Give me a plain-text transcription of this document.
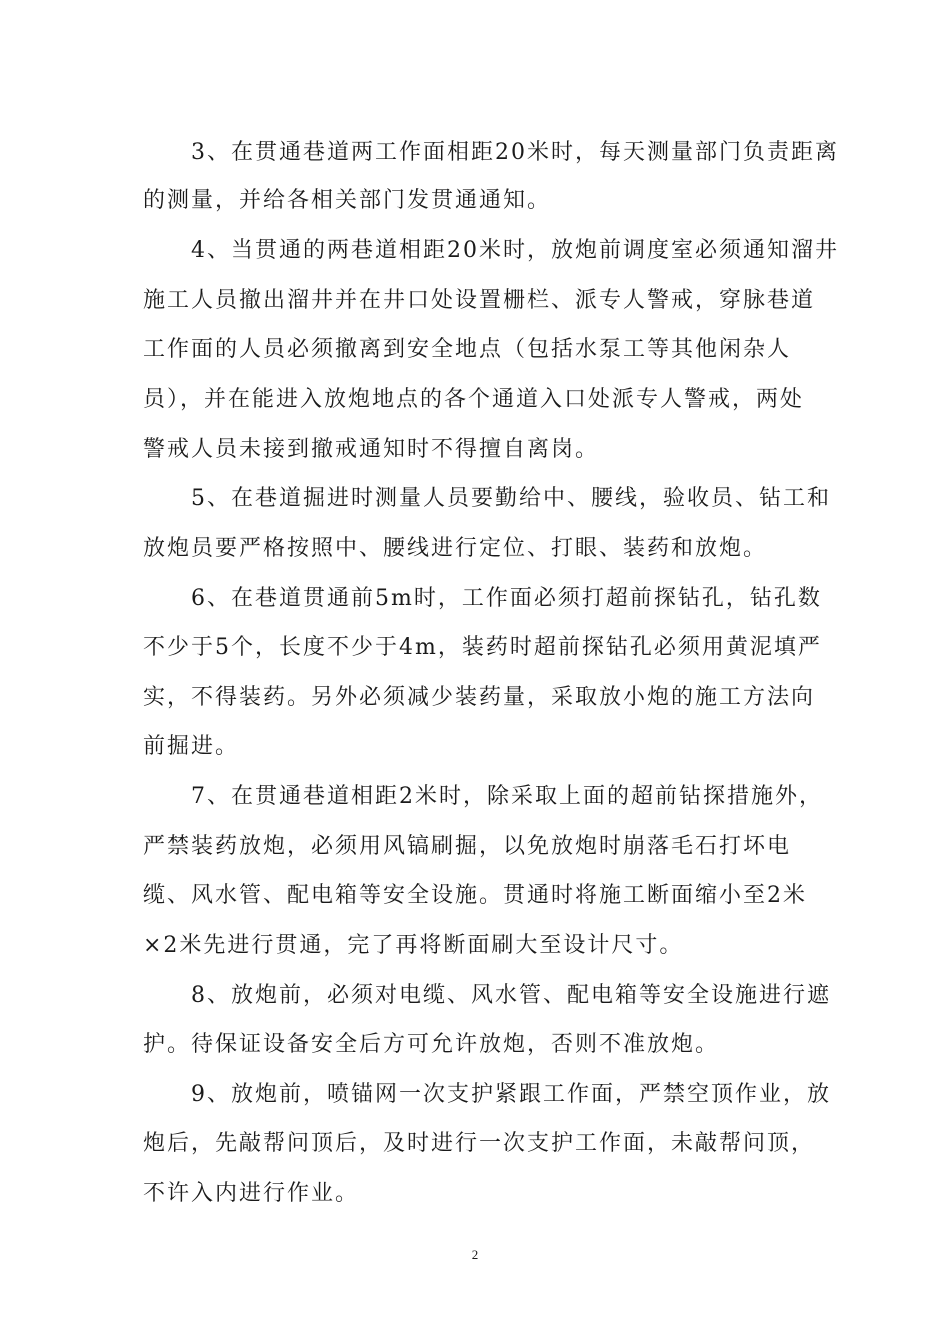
　　3、在贯通巷道两工作面相距20米时，每天测量部门负责距离
的测量，并给各相关部门发贯通通知。
　　4、当贯通的两巷道相距20米时，放炮前调度室必须通知溜井
施工人员撤出溜井并在井口处设置栅栏、派专人警戒，穿脉巷道
工作面的人员必须撤离到安全地点（包括水泵工等其他闲杂人
员），并在能进入放炮地点的各个通道入口处派专人警戒，两处
警戒人员未接到撤戒通知时不得擅自离岗。
　　5、在巷道掘进时测量人员要勤给中、腰线，验收员、钻工和
放炮员要严格按照中、腰线进行定位、打眼、装药和放炮。
　　6、在巷道贯通前5m时，工作面必须打超前探钻孔，钻孔数
不少于5个，长度不少于4m，装药时超前探钻孔必须用黄泥填严
实，不得装药。另外必须减少装药量，采取放小炮的施工方法向
前掘进。
　　7、在贯通巷道相距2米时，除采取上面的超前钻探措施外，
严禁装药放炮，必须用风镐刷掘，以免放炮时崩落毛石打坏电
缆、风水管、配电箱等安全设施。贯通时将施工断面缩小至2米
×2米先进行贯通，完了再将断面刷大至设计尺寸。
　　8、放炮前，必须对电缆、风水管、配电箱等安全设施进行遮
护。待保证设备安全后方可允许放炮，否则不准放炮。
　　9、放炮前，喷锚网一次支护紧跟工作面，严禁空顶作业，放
炮后，先敲帮问顶后，及时进行一次支护工作面，未敲帮问顶，
不许入内进行作业。
2
